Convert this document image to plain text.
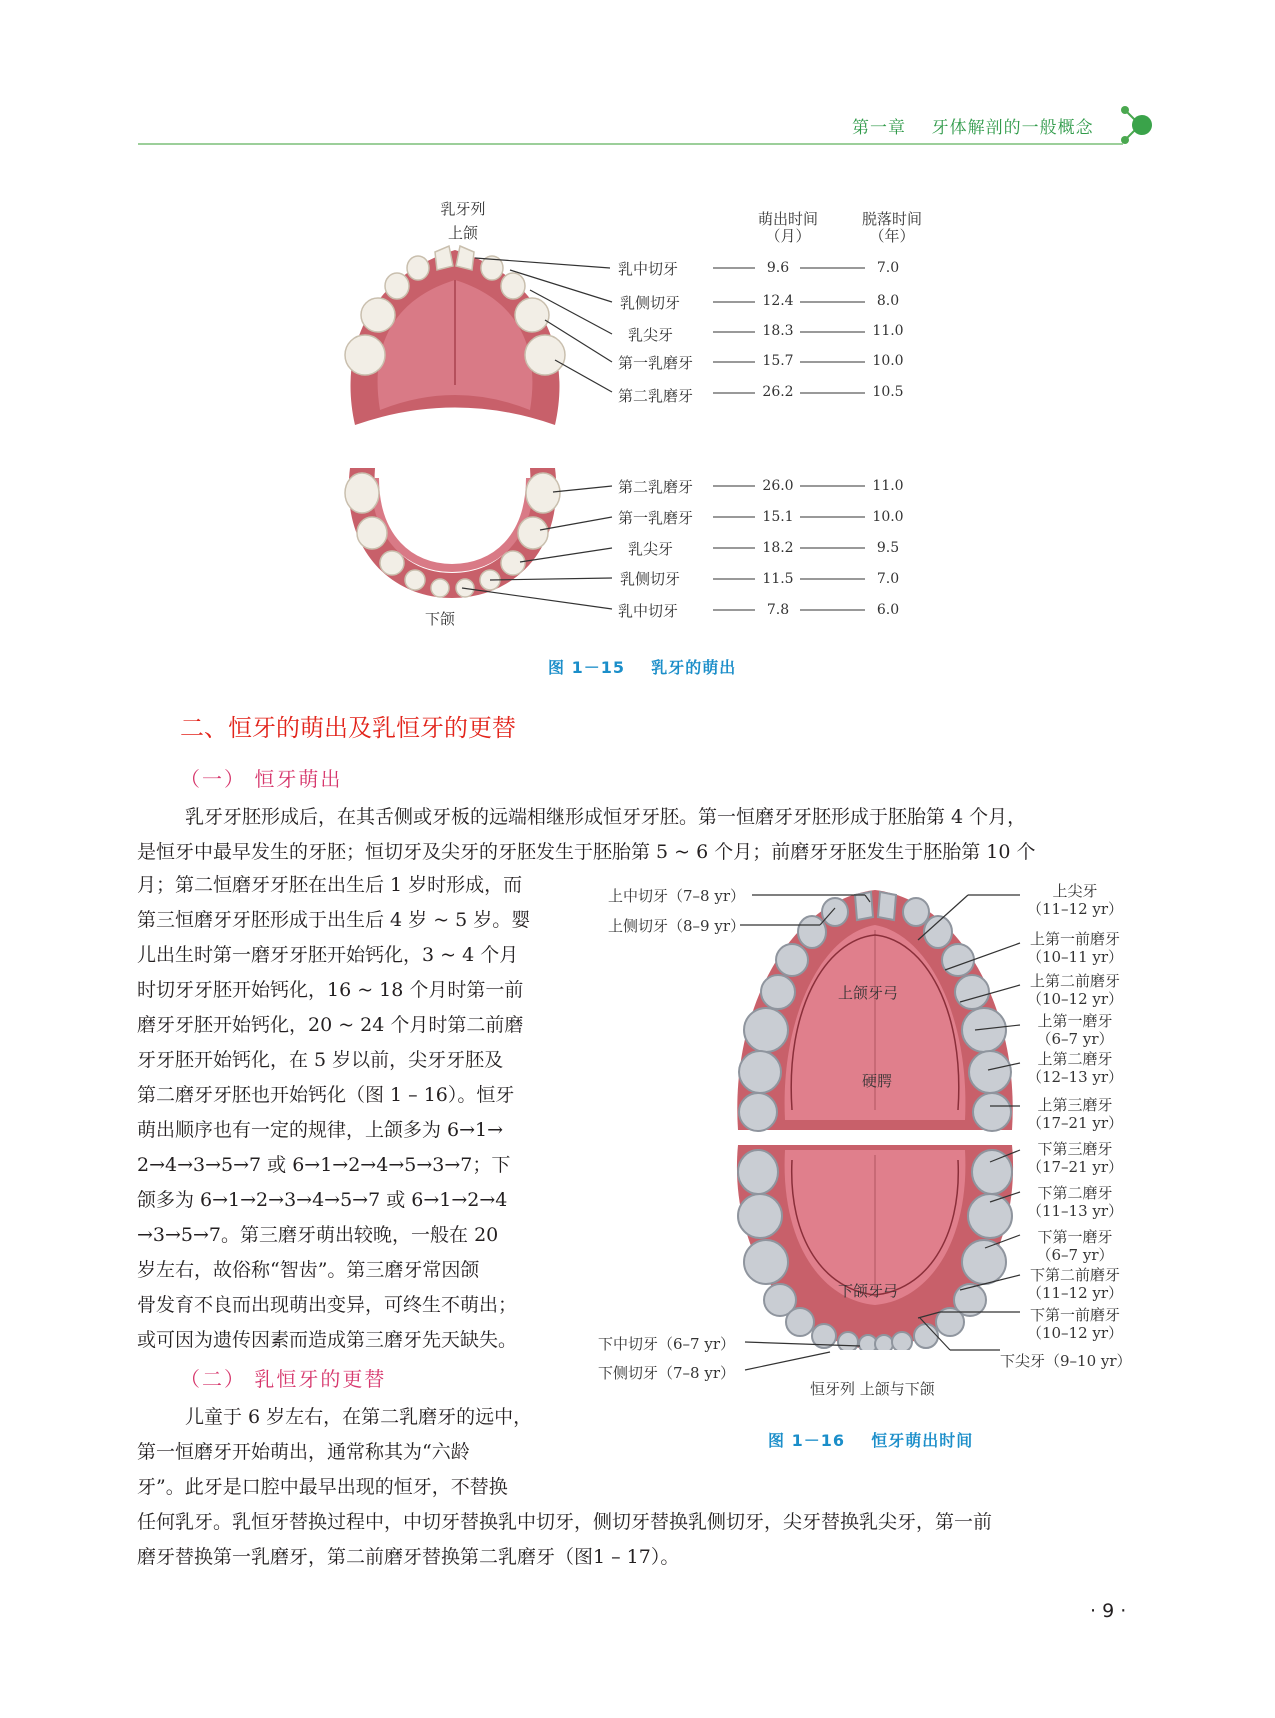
第一章    牙体解剖的一般概念
乳牙列
上颌
下颌
萌出时间
（月）
脱落时间
（年）
乳中切牙	9.6	7.0
乳侧切牙	12.4	8.0
乳尖牙	18.3	11.0
第一乳磨牙	15.7	10.0
第二乳磨牙	26.2	10.5
第二乳磨牙	26.0	11.0
第一乳磨牙	15.1	10.0
乳尖牙	18.2	9.5
乳侧切牙	11.5	7.0
乳中切牙	7.8	6.0
图 1－15    乳牙的萌出
二、恒牙的萌出及乳恒牙的更替
（一） 恒牙萌出
乳牙牙胚形成后，在其舌侧或牙板的远端相继形成恒牙牙胚。第一恒磨牙牙胚形成于胚胎第 4 个月，
是恒牙中最早发生的牙胚；恒切牙及尖牙的牙胚发生于胚胎第 5 ~ 6 个月；前磨牙牙胚发生于胚胎第 10 个
月；第二恒磨牙牙胚在出生后 1 岁时形成，而
第三恒磨牙牙胚形成于出生后 4 岁 ~ 5 岁。婴
儿出生时第一磨牙牙胚开始钙化，3 ~ 4 个月
时切牙牙胚开始钙化，16 ~ 18 个月时第一前
磨牙牙胚开始钙化，20 ~ 24 个月时第二前磨
牙牙胚开始钙化，在 5 岁以前，尖牙牙胚及
第二磨牙牙胚也开始钙化（图 1 – 16）。恒牙
萌出顺序也有一定的规律，上颌多为 6→1→
2→4→3→5→7 或 6→1→2→4→5→3→7；下
颌多为 6→1→2→3→4→5→7 或 6→1→2→4
→3→5→7。第三磨牙萌出较晚，一般在 20
岁左右，故俗称“智齿”。第三磨牙常因颌
骨发育不良而出现萌出变异，可终生不萌出；
或可因为遗传因素而造成第三磨牙先天缺失。
（二） 乳恒牙的更替
儿童于 6 岁左右，在第二乳磨牙的远中，
第一恒磨牙开始萌出，通常称其为“六龄
牙”。此牙是口腔中最早出现的恒牙，不替换
任何乳牙。乳恒牙替换过程中，中切牙替换乳中切牙，侧切牙替换乳侧切牙，尖牙替换乳尖牙，第一前
磨牙替换第一乳磨牙，第二前磨牙替换第二乳磨牙（图1 – 17）。
上中切牙（7–8 yr）
上侧切牙（8–9 yr）
下中切牙（6–7 yr）
下侧切牙（7–8 yr）
上尖牙
（11–12 yr）
上第一前磨牙
（10–11 yr）
上第二前磨牙
（10–12 yr）
上第一磨牙
（6–7 yr）
上第二磨牙
（12–13 yr）
上第三磨牙
（17–21 yr）
下第三磨牙
（17–21 yr）
下第二磨牙
（11–13 yr）
下第一磨牙
（6–7 yr）
下第二前磨牙
（11–12 yr）
下第一前磨牙
（10–12 yr）
下尖牙（9–10 yr）
上颌牙弓
硬腭
下颌牙弓
恒牙列 上颌与下颌
图 1－16    恒牙萌出时间
· 9 ·
